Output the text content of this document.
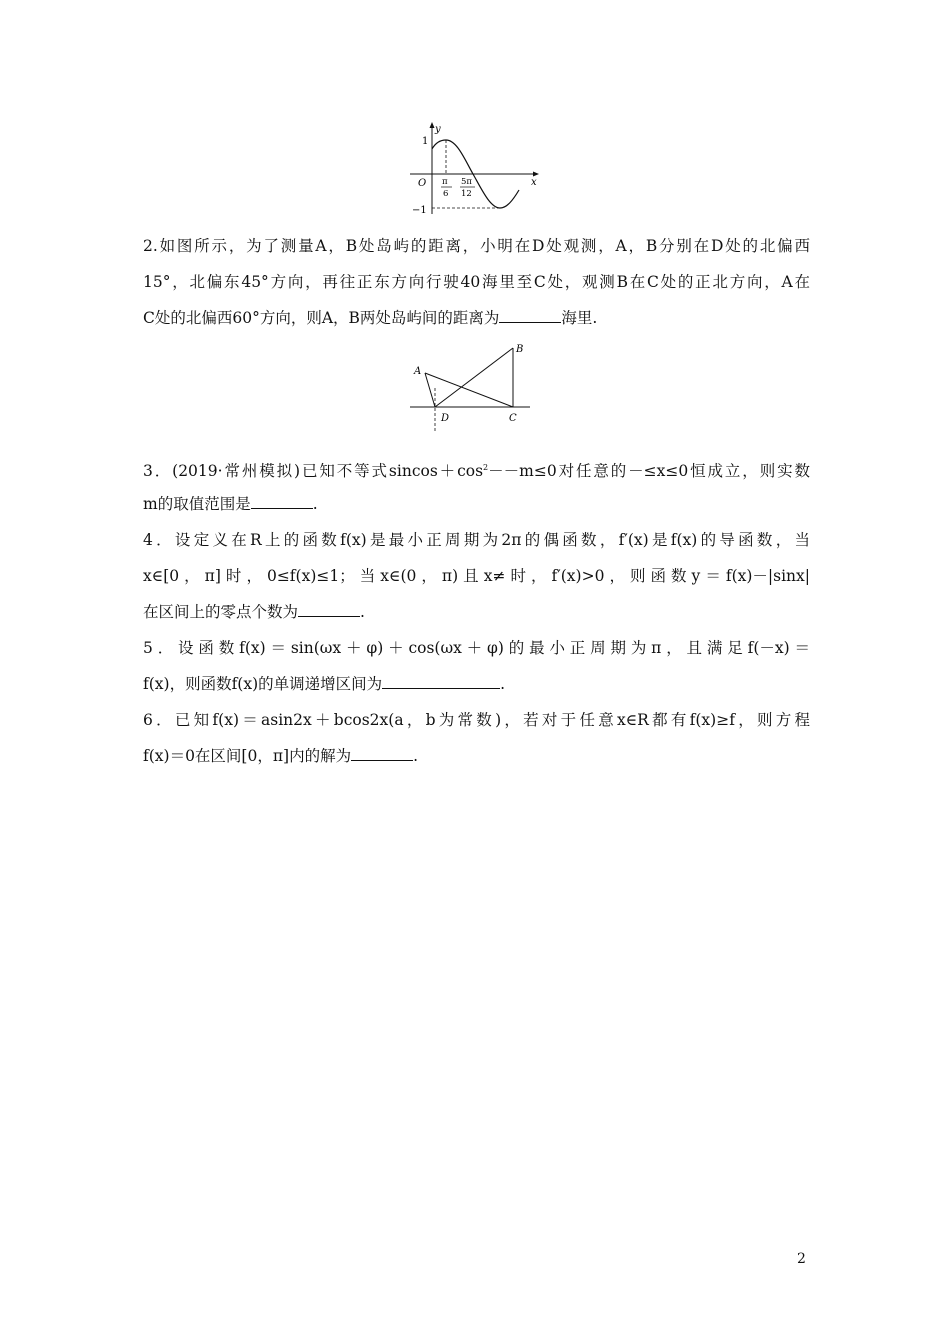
y
x
O
1
−1
π
6
5π
12
2.如图所示，为了测量A，B处岛屿的距离，小明在D处观测，A，B分别在D处的北偏西
15°，北偏东45°方向，再往正东方向行驶40海里至C处，观测B在C处的正北方向，A在
C处的北偏西60°方向，则A，B两处岛屿间的距离为	海里.
A
B
C
D
3．(2019·常州模拟)已知不等式$sincos+\cos^2--m\le 0$对任意的－≤x≤0恒成立，则实数
m的取值范围是	.
4．设定义在R上的函数f(x)是最小正周期为2π的偶函数，f′(x)是f(x)的导函数，当
x∈[0，π]时，0≤f(x)≤1；当x∈(0，π)且x≠时，f′(x)>0，则函数y＝f(x)－|sinx|
在区间上的零点个数为	.
5．设函数f(x)＝sin(ωx＋φ)＋cos(ωx＋φ)的最小正周期为π，且满足f(－x)＝
f(x)，则函数f(x)的单调递增区间为	.
6．已知f(x)＝asin2x＋bcos2x(a，b为常数)，若对于任意x∈R都有f(x)≥f，则方程
f(x)＝0在区间[0，π]内的解为	.
2
